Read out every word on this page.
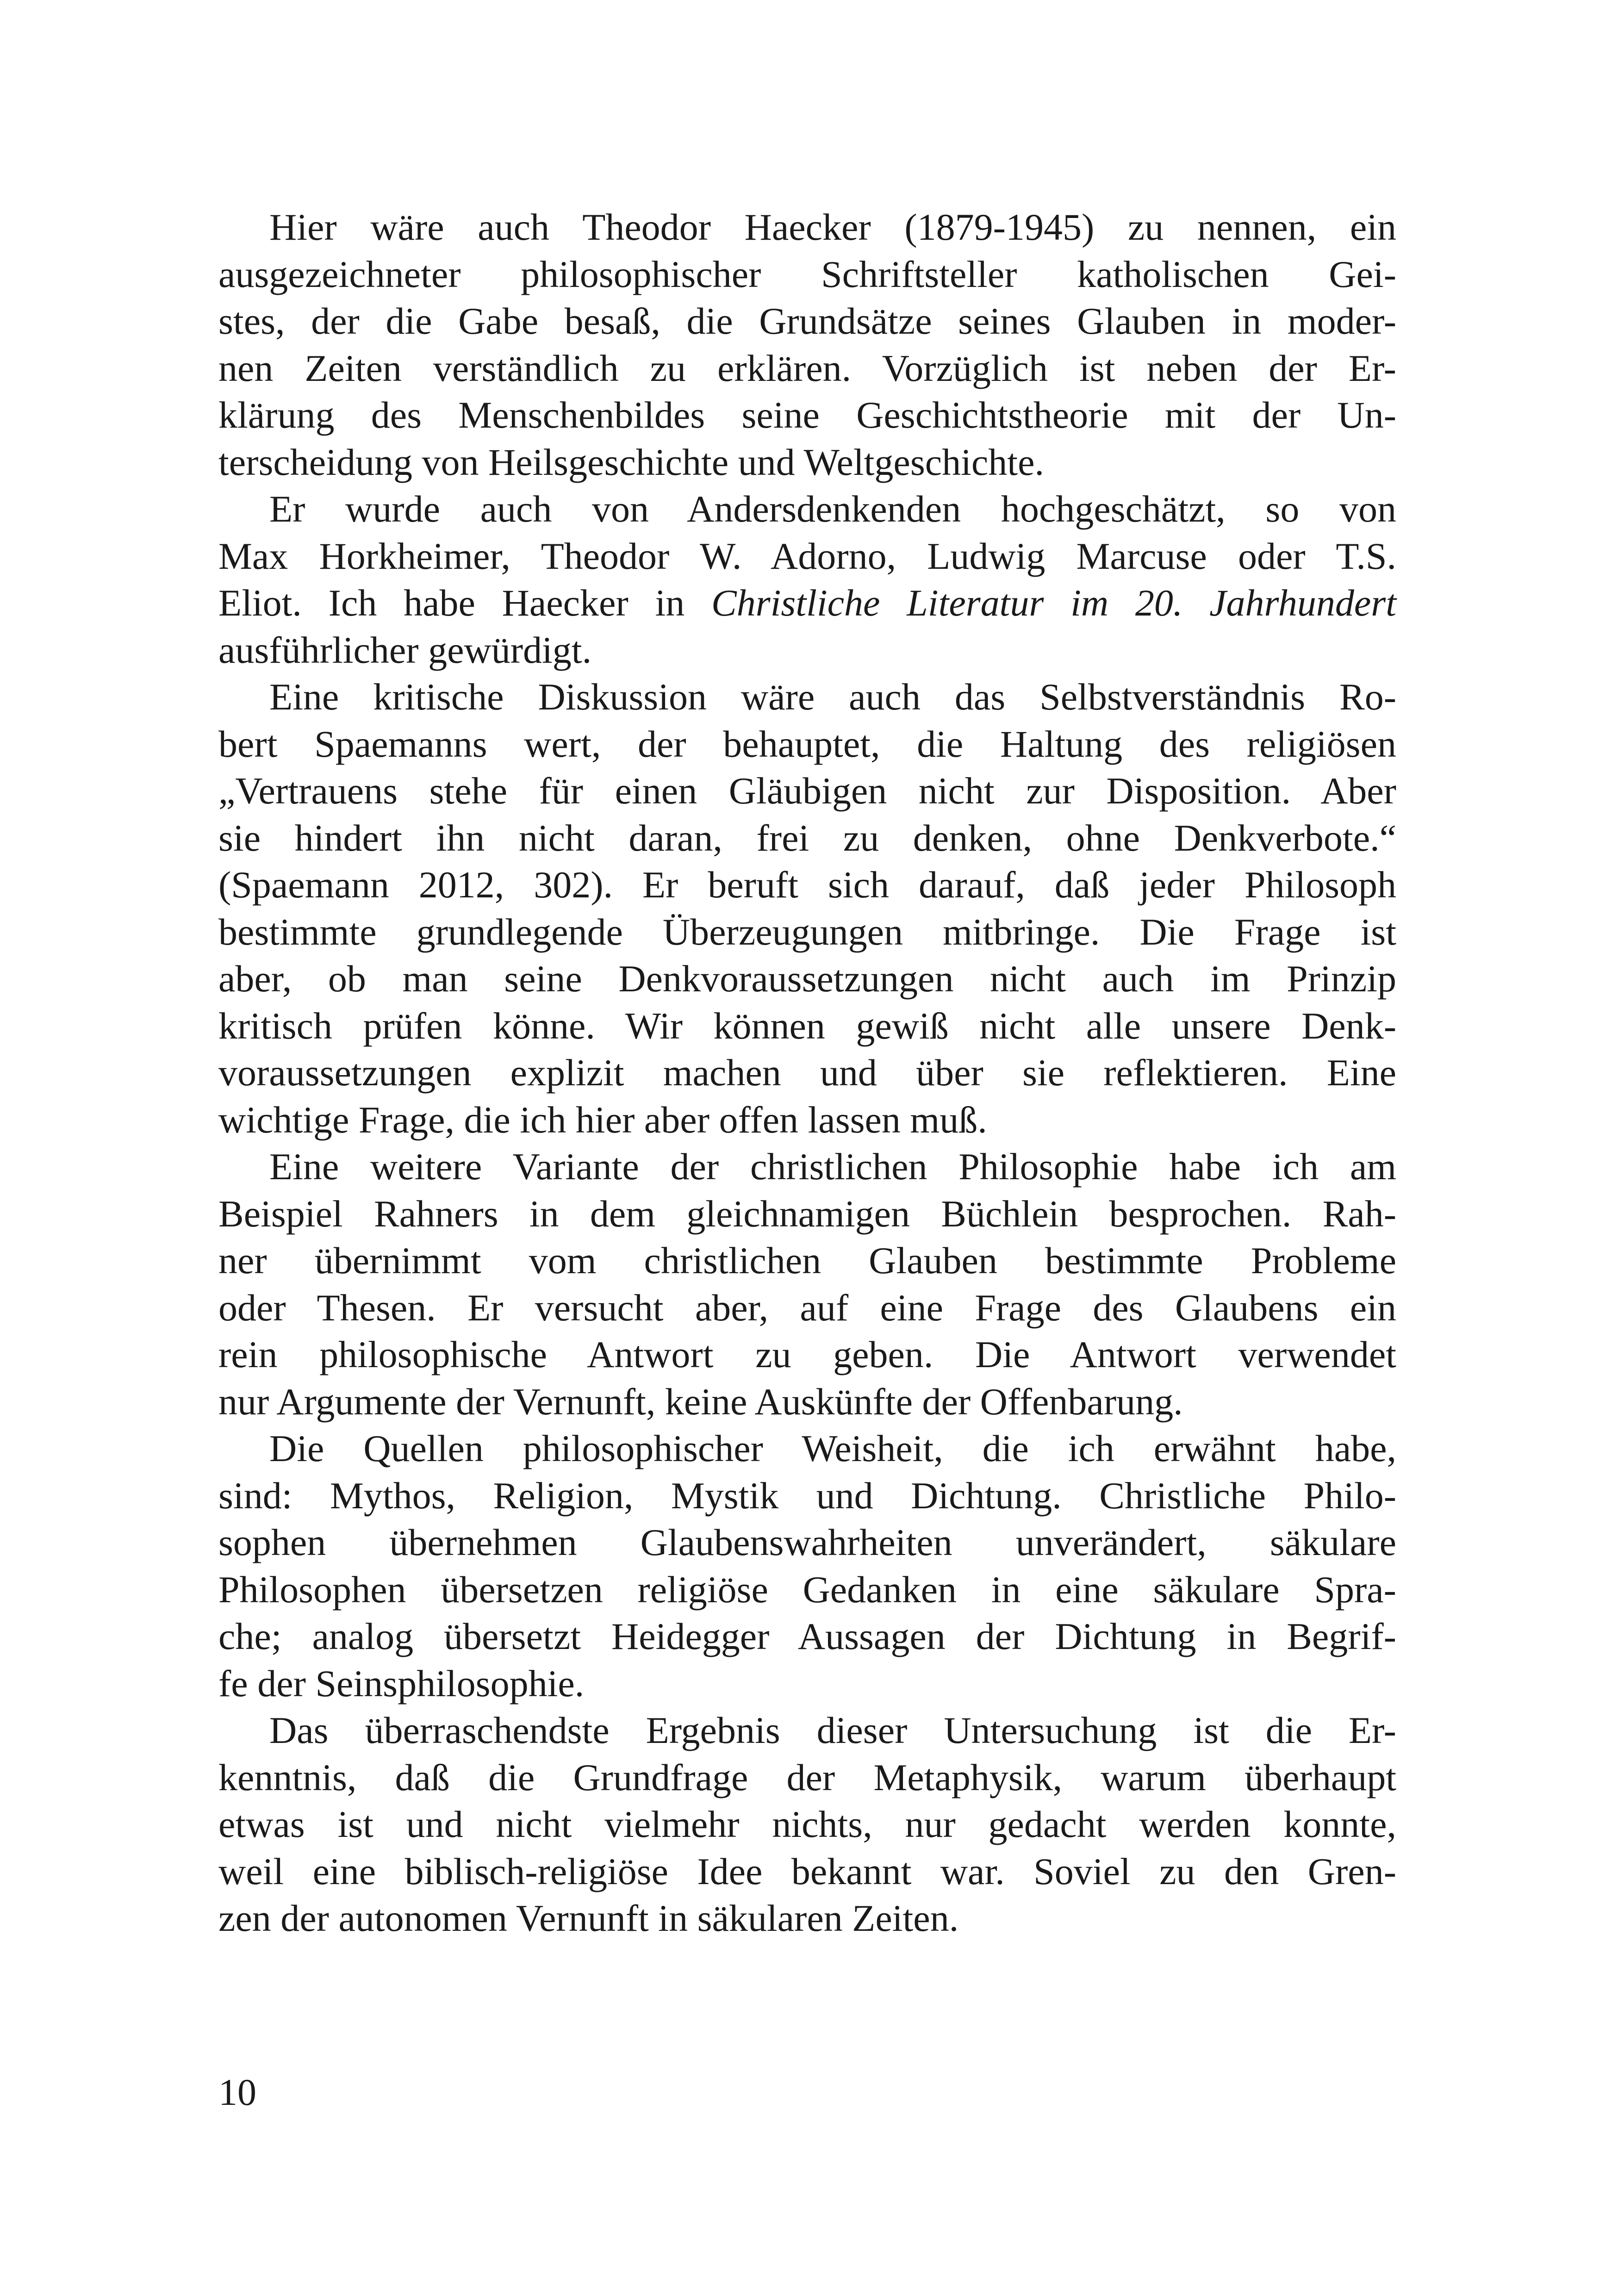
Hier wäre auch Theodor Haecker (1879-1945) zu nennen, ein
ausgezeichneter philosophischer Schriftsteller katholischen Gei-
stes, der die Gabe besaß, die Grundsätze seines Glauben in moder-
nen Zeiten verständlich zu erklären. Vorzüglich ist neben der Er-
klärung des Menschenbildes seine Geschichtstheorie mit der Un-
terscheidung von Heilsgeschichte und Weltgeschichte.
Er wurde auch von Andersdenkenden hochgeschätzt, so von
Max Horkheimer, Theodor W. Adorno, Ludwig Marcuse oder T.S.
Eliot. Ich habe Haecker in Christliche Literatur im 20. Jahrhundert
ausführlicher gewürdigt.
Eine kritische Diskussion wäre auch das Selbstverständnis Ro-
bert Spaemanns wert, der behauptet, die Haltung des religiösen
„Vertrauens stehe für einen Gläubigen nicht zur Disposition. Aber
sie hindert ihn nicht daran, frei zu denken, ohne Denkverbote.“
(Spaemann 2012, 302). Er beruft sich darauf, daß jeder Philosoph
bestimmte grundlegende Überzeugungen mitbringe. Die Frage ist
aber, ob man seine Denkvoraussetzungen nicht auch im Prinzip
kritisch prüfen könne. Wir können gewiß nicht alle unsere Denk-
voraussetzungen explizit machen und über sie reflektieren. Eine
wichtige Frage, die ich hier aber offen lassen muß.
Eine weitere Variante der christlichen Philosophie habe ich am
Beispiel Rahners in dem gleichnamigen Büchlein besprochen. Rah-
ner übernimmt vom christlichen Glauben bestimmte Probleme
oder Thesen. Er versucht aber, auf eine Frage des Glaubens ein
rein philosophische Antwort zu geben. Die Antwort verwendet
nur Argumente der Vernunft, keine Auskünfte der Offenbarung.
Die Quellen philosophischer Weisheit, die ich erwähnt habe,
sind: Mythos, Religion, Mystik und Dichtung. Christliche Philo-
sophen übernehmen Glaubenswahrheiten unverändert, säkulare
Philosophen übersetzen religiöse Gedanken in eine säkulare Spra-
che; analog übersetzt Heidegger Aussagen der Dichtung in Begrif-
fe der Seinsphilosophie.
Das überraschendste Ergebnis dieser Untersuchung ist die Er-
kenntnis, daß die Grundfrage der Metaphysik, warum überhaupt
etwas ist und nicht vielmehr nichts, nur gedacht werden konnte,
weil eine biblisch-religiöse Idee bekannt war. Soviel zu den Gren-
zen der autonomen Vernunft in säkularen Zeiten.
10
